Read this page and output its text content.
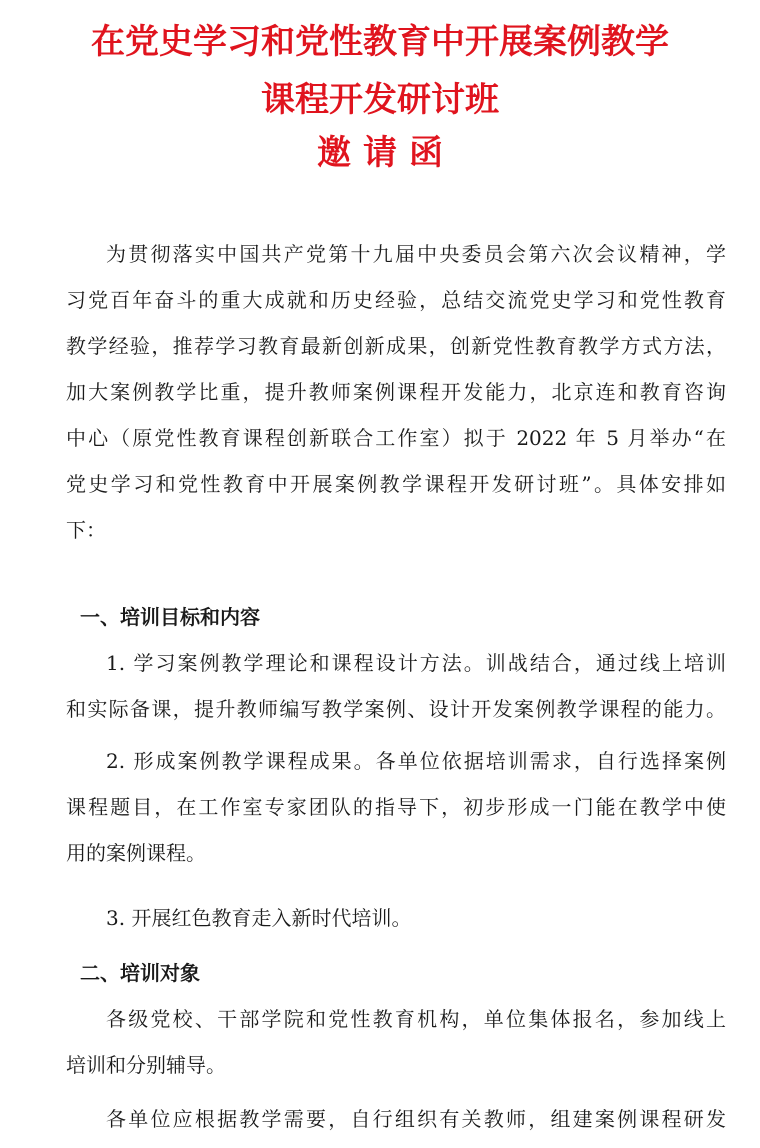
在党史学习和党性教育中开展案例教学
课程开发研讨班
邀请函
为贯彻落实中国共产党第十九届中央委员会第六次会议精神，学
习党百年奋斗的重大成就和历史经验，总结交流党史学习和党性教育
教学经验，推荐学习教育最新创新成果，创新党性教育教学方式方法，
加大案例教学比重，提升教师案例课程开发能力，北京连和教育咨询
中心（原党性教育课程创新联合工作室）拟于 2022 年 5 月举办“在
党史学习和党性教育中开展案例教学课程开发研讨班”。具体安排如
下：
一、培训目标和内容
1. 学习案例教学理论和课程设计方法。训战结合，通过线上培训
和实际备课，提升教师编写教学案例、设计开发案例教学课程的能力。
2. 形成案例教学课程成果。各单位依据培训需求，自行选择案例
课程题目，在工作室专家团队的指导下，初步形成一门能在教学中使
用的案例课程。
3. 开展红色教育走入新时代培训。
二、培训对象
各级党校、干部学院和党性教育机构，单位集体报名，参加线上
培训和分别辅导。
各单位应根据教学需要，自行组织有关教师，组建案例课程研发
